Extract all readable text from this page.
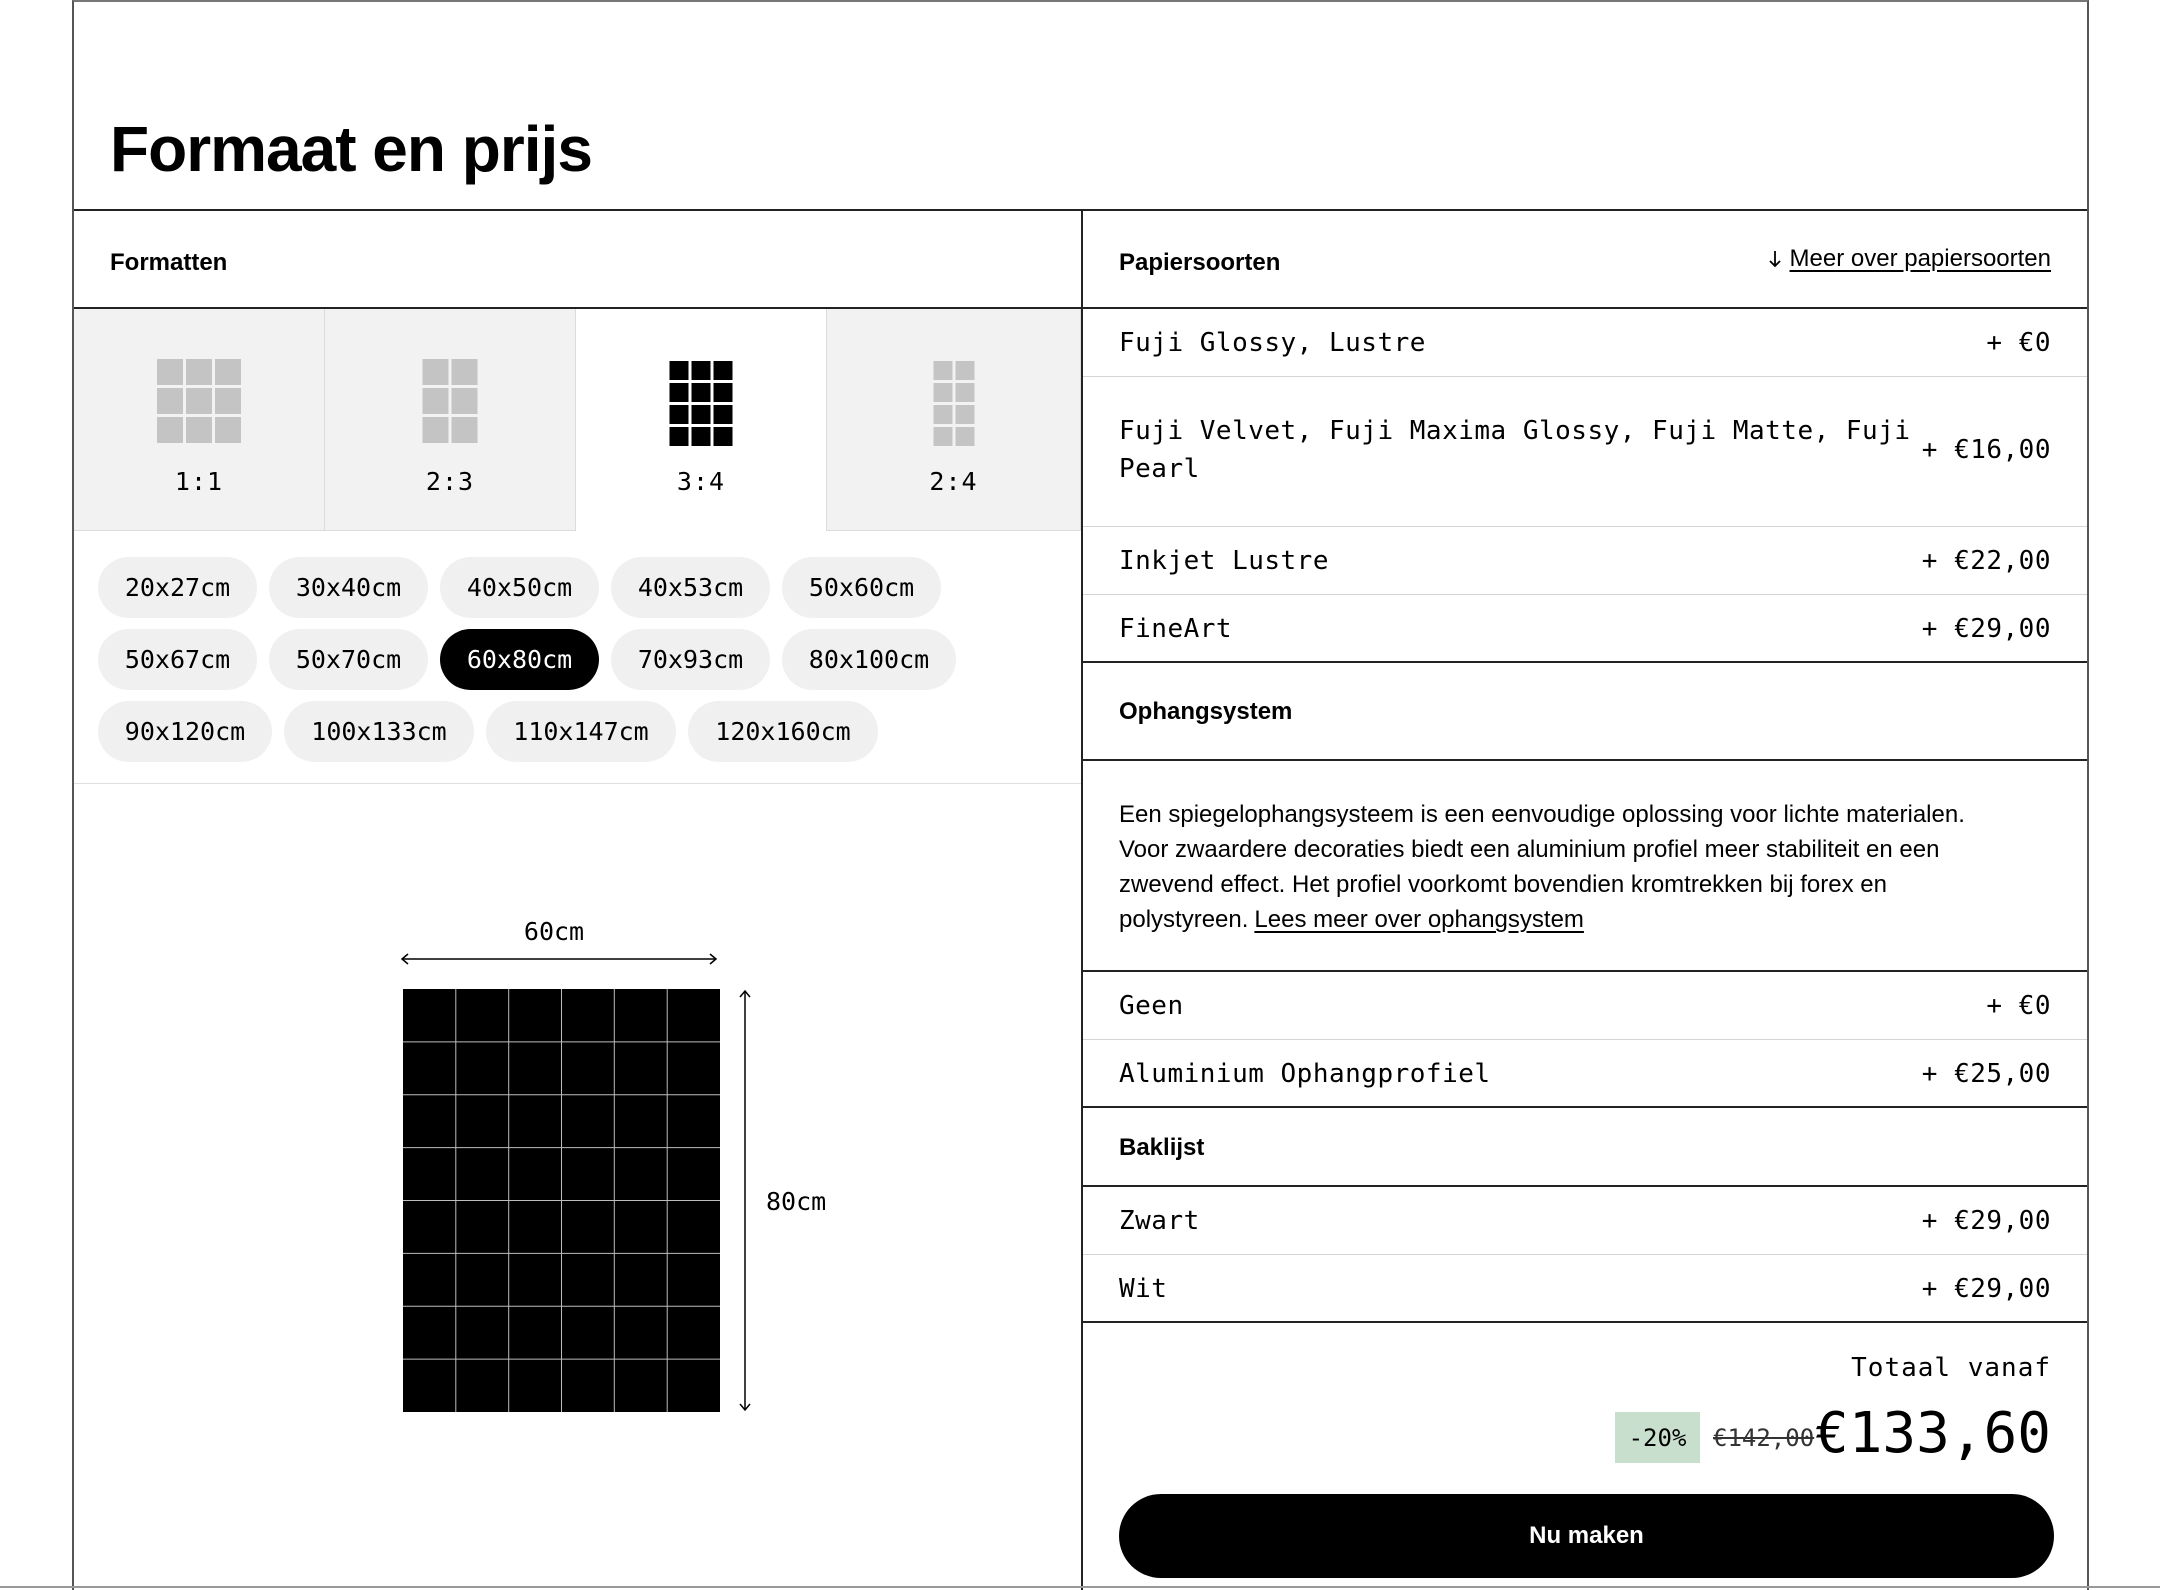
Formaat en prijs
Formatten
1:1	2:3	3:4	2:4
20x27cm	30x40cm	40x50cm	40x53cm	50x60cm
50x67cm	50x70cm	60x80cm	70x93cm	80x100cm
90x120cm	100x133cm	110x147cm	120x160cm
60cm
80cm
Papiersoorten	Meer over papiersoorten
Fuji Glossy, Lustre	+ €0
Fuji Velvet, Fuji Maxima Glossy, Fuji Matte, Fuji
Pearl
+ €16,00
Inkjet Lustre	+ €22,00
FineArt	+ €29,00
Ophangsystem
Een spiegelophangsysteem is een eenvoudige oplossing voor lichte materialen.
Voor zwaardere decoraties biedt een aluminium profiel meer stabiliteit en een
zwevend effect. Het profiel voorkomt bovendien kromtrekken bij forex en
polystyreen. Lees meer over ophangsystem
Geen	+ €0
Aluminium Ophangprofiel	+ €25,00
Baklijst
Zwart	+ €29,00
Wit	+ €29,00
Totaal vanaf
-20%	€142,00 €133,60
Nu maken
